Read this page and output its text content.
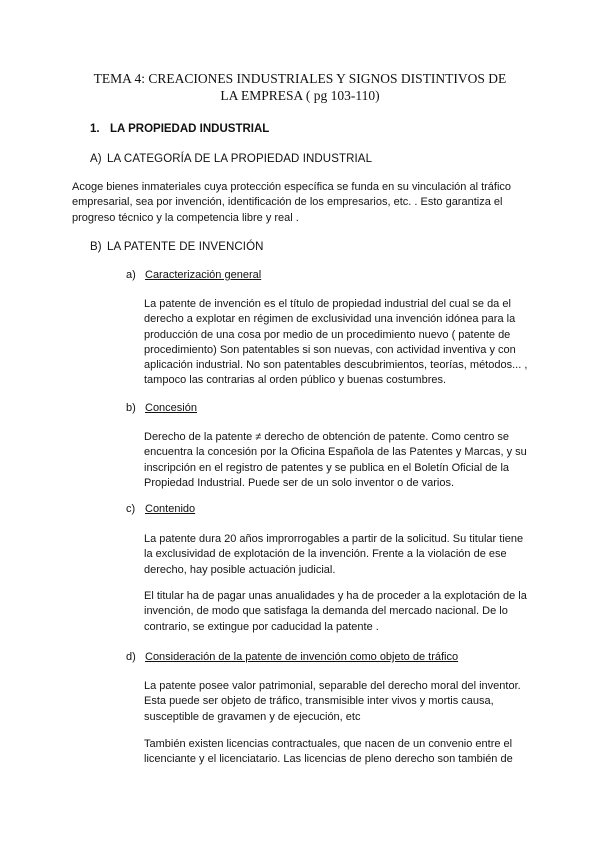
TEMA 4: CREACIONES INDUSTRIALES Y SIGNOS DISTINTIVOS DE
LA EMPRESA ( pg 103-110)
1. LA PROPIEDAD INDUSTRIAL
A) LA CATEGORÍA DE LA PROPIEDAD INDUSTRIAL
Acoge bienes inmateriales cuya protección específica se funda en su vinculación al tráfico empresarial, sea por invención, identificación de los empresarios, etc. . Esto garantiza el progreso técnico y la competencia libre y real .
B) LA PATENTE DE INVENCIÓN
a) Caracterización general
La patente de invención es el título de propiedad industrial del cual se da el derecho a explotar en régimen de exclusividad una invención idónea para la producción de una cosa por medio de un procedimiento nuevo ( patente de procedimiento) Son patentables si son nuevas, con actividad inventiva y con aplicación industrial. No son patentables descubrimientos, teorías, métodos... , tampoco las contrarias al orden público y buenas costumbres.
b) Concesión
Derecho de la patente ≠ derecho de obtención de patente. Como centro se encuentra la concesión por la Oficina Española de las Patentes y Marcas, y su inscripción en el registro de patentes y se publica en el Boletín Oficial de la Propiedad Industrial. Puede ser de un solo inventor o de varios.
c) Contenido
La patente dura 20 años improrrogables a partir de la solicitud. Su titular tiene la exclusividad de explotación de la invención. Frente a la violación de ese derecho, hay posible actuación judicial.
El titular ha de pagar unas anualidades y ha de proceder a la explotación de la invención, de modo que satisfaga la demanda del mercado nacional. De lo contrario, se extingue por caducidad la patente .
d) Consideración de la patente de invención como objeto de tráfico
La patente posee valor patrimonial, separable del derecho moral del inventor. Esta puede ser objeto de tráfico, transmisible inter vivos y mortis causa, susceptible de gravamen y de ejecución, etc
También existen licencias contractuales, que nacen de un convenio entre el licenciante y el licenciatario. Las licencias de pleno derecho son también de
